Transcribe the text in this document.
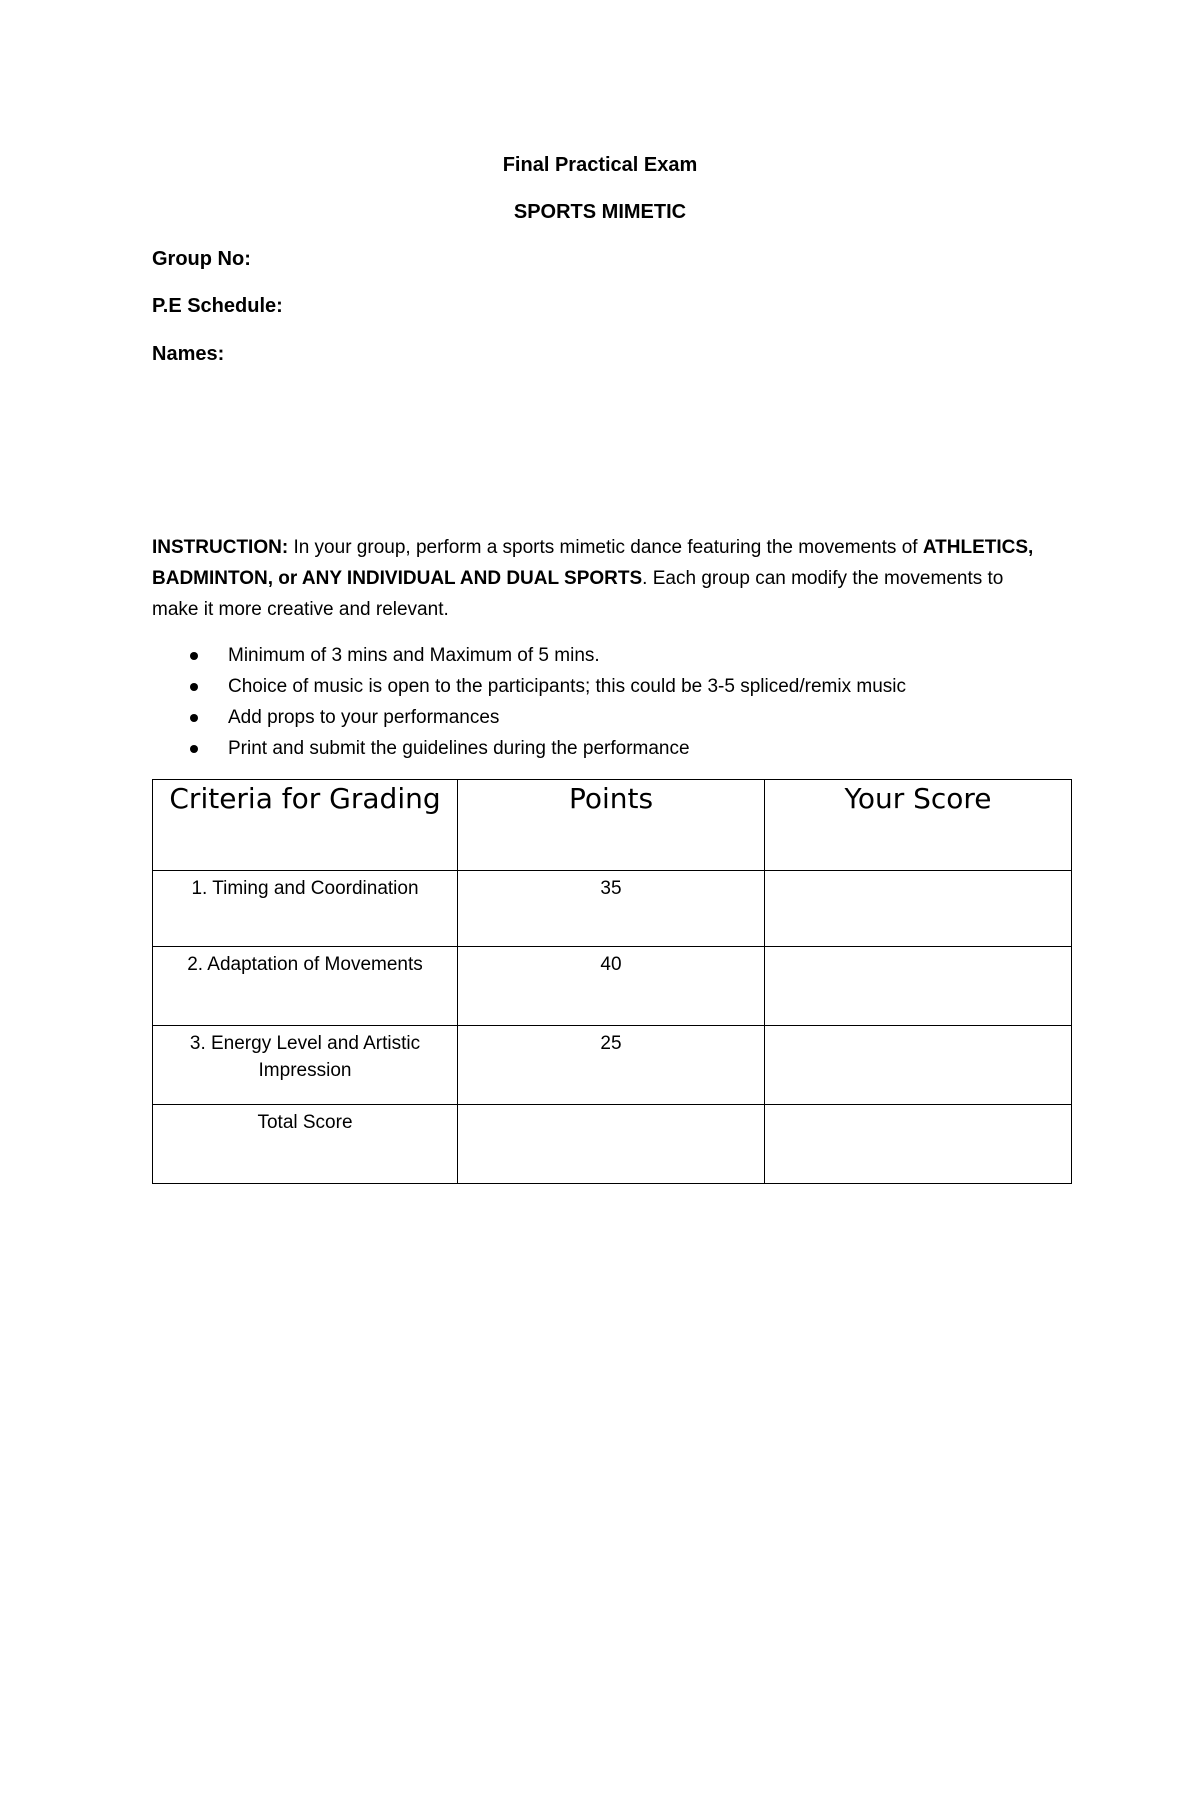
Final Practical Exam
SPORTS MIMETIC
Group No:
P.E Schedule:
Names:
INSTRUCTION: In your group, perform a sports mimetic dance featuring the movements of ATHLETICS, BADMINTON, or ANY INDIVIDUAL AND DUAL SPORTS. Each group can modify the movements to make it more creative and relevant.
Minimum of 3 mins and Maximum of 5 mins.
Choice of music is open to the participants; this could be 3-5 spliced/remix music
Add props to your performances
Print and submit the guidelines during the performance
Criteria for Grading	Points	Your Score
1. Timing and Coordination	35	
2. Adaptation of Movements	40	
3. Energy Level and Artistic Impression	25	
Total Score		
